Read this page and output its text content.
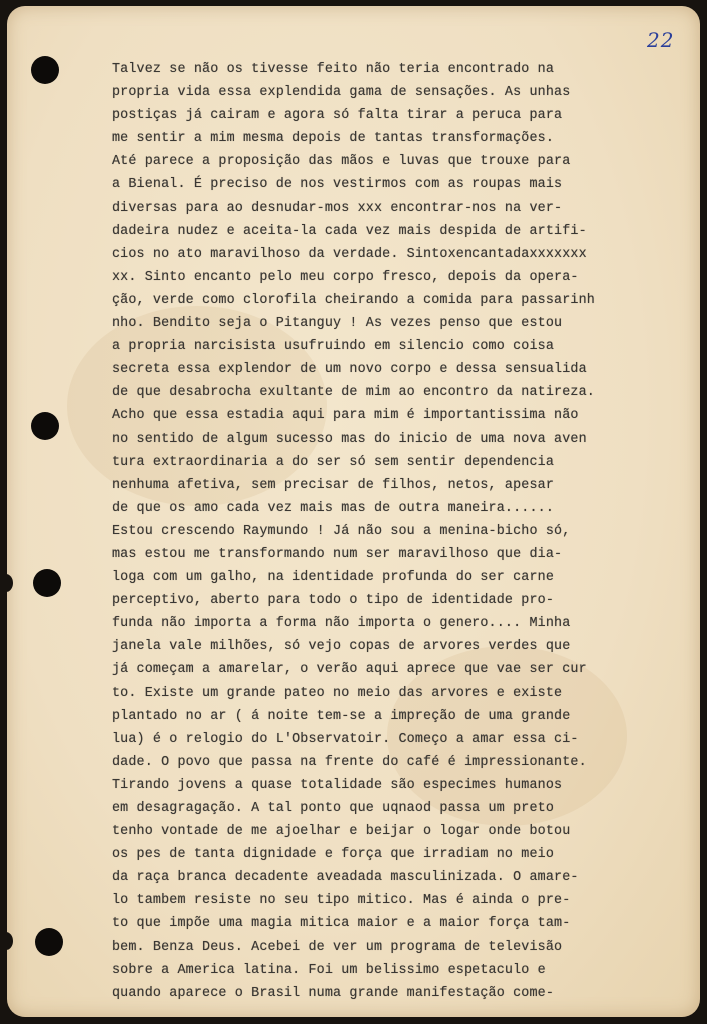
22
Talvez se não os tivesse feito não teria encontrado na
propria vida essa explendida gama de sensações. As unhas
postiças já cairam e agora só falta tirar a peruca para
me sentir a mim mesma depois de tantas transformações.
Até parece a proposição das mãos e luvas que trouxe para
a Bienal. É preciso de nos vestirmos com as roupas mais
diversas para ao desnudar-mos xxx encontrar-nos na ver-
dadeira nudez e aceita-la cada vez mais despida de artifi-
cios no ato maravilhoso da verdade. Sintoxencantadaxxxxxxx
xx. Sinto encanto pelo meu corpo fresco, depois da opera-
ção, verde como clorofila cheirando a comida para passarinh
nho. Bendito seja o Pitanguy ! As vezes penso que estou
a propria narcisista usufruindo em silencio como coisa
secreta essa explendor de um novo corpo e dessa sensualida
de que desabrocha exultante de mim ao encontro da natireza.
Acho que essa estadia aqui para mim é importantissima não
no sentido de algum sucesso mas do inicio de uma nova aven
tura extraordinaria a do ser só sem sentir dependencia
nenhuma afetiva, sem precisar de filhos, netos, apesar
de que os amo cada vez mais mas de outra maneira......
Estou crescendo Raymundo ! Já não sou a menina-bicho só,
mas estou me transformando num ser maravilhoso que dia-
loga com um galho, na identidade profunda do ser carne
perceptivo, aberto para todo o tipo de identidade pro-
funda não importa a forma não importa o genero.... Minha
janela vale milhões, só vejo copas de arvores verdes que
já começam a amarelar, o verão aqui aprece que vae ser cur
to. Existe um grande pateo no meio das arvores e existe
plantado no ar ( á noite tem-se a impreção de uma grande
lua) é o relogio do L'Observatoir. Começo a amar essa ci-
dade. O povo que passa na frente do café é impressionante.
Tirando jovens a quase totalidade são especimes humanos
em desagragação. A tal ponto que uqnaod passa um preto
tenho vontade de me ajoelhar e beijar o logar onde botou
os pes de tanta dignidade e força que irradiam no meio
da raça branca decadente aveadada masculinizada. O amare-
lo tambem resiste no seu tipo mitico. Mas é ainda o pre-
to que impõe uma magia mitica maior e a maior força tam-
bem. Benza Deus. Acebei de ver um programa de televisão
sobre a America latina. Foi um belissimo espetaculo e
quando aparece o Brasil numa grande manifestação come-
